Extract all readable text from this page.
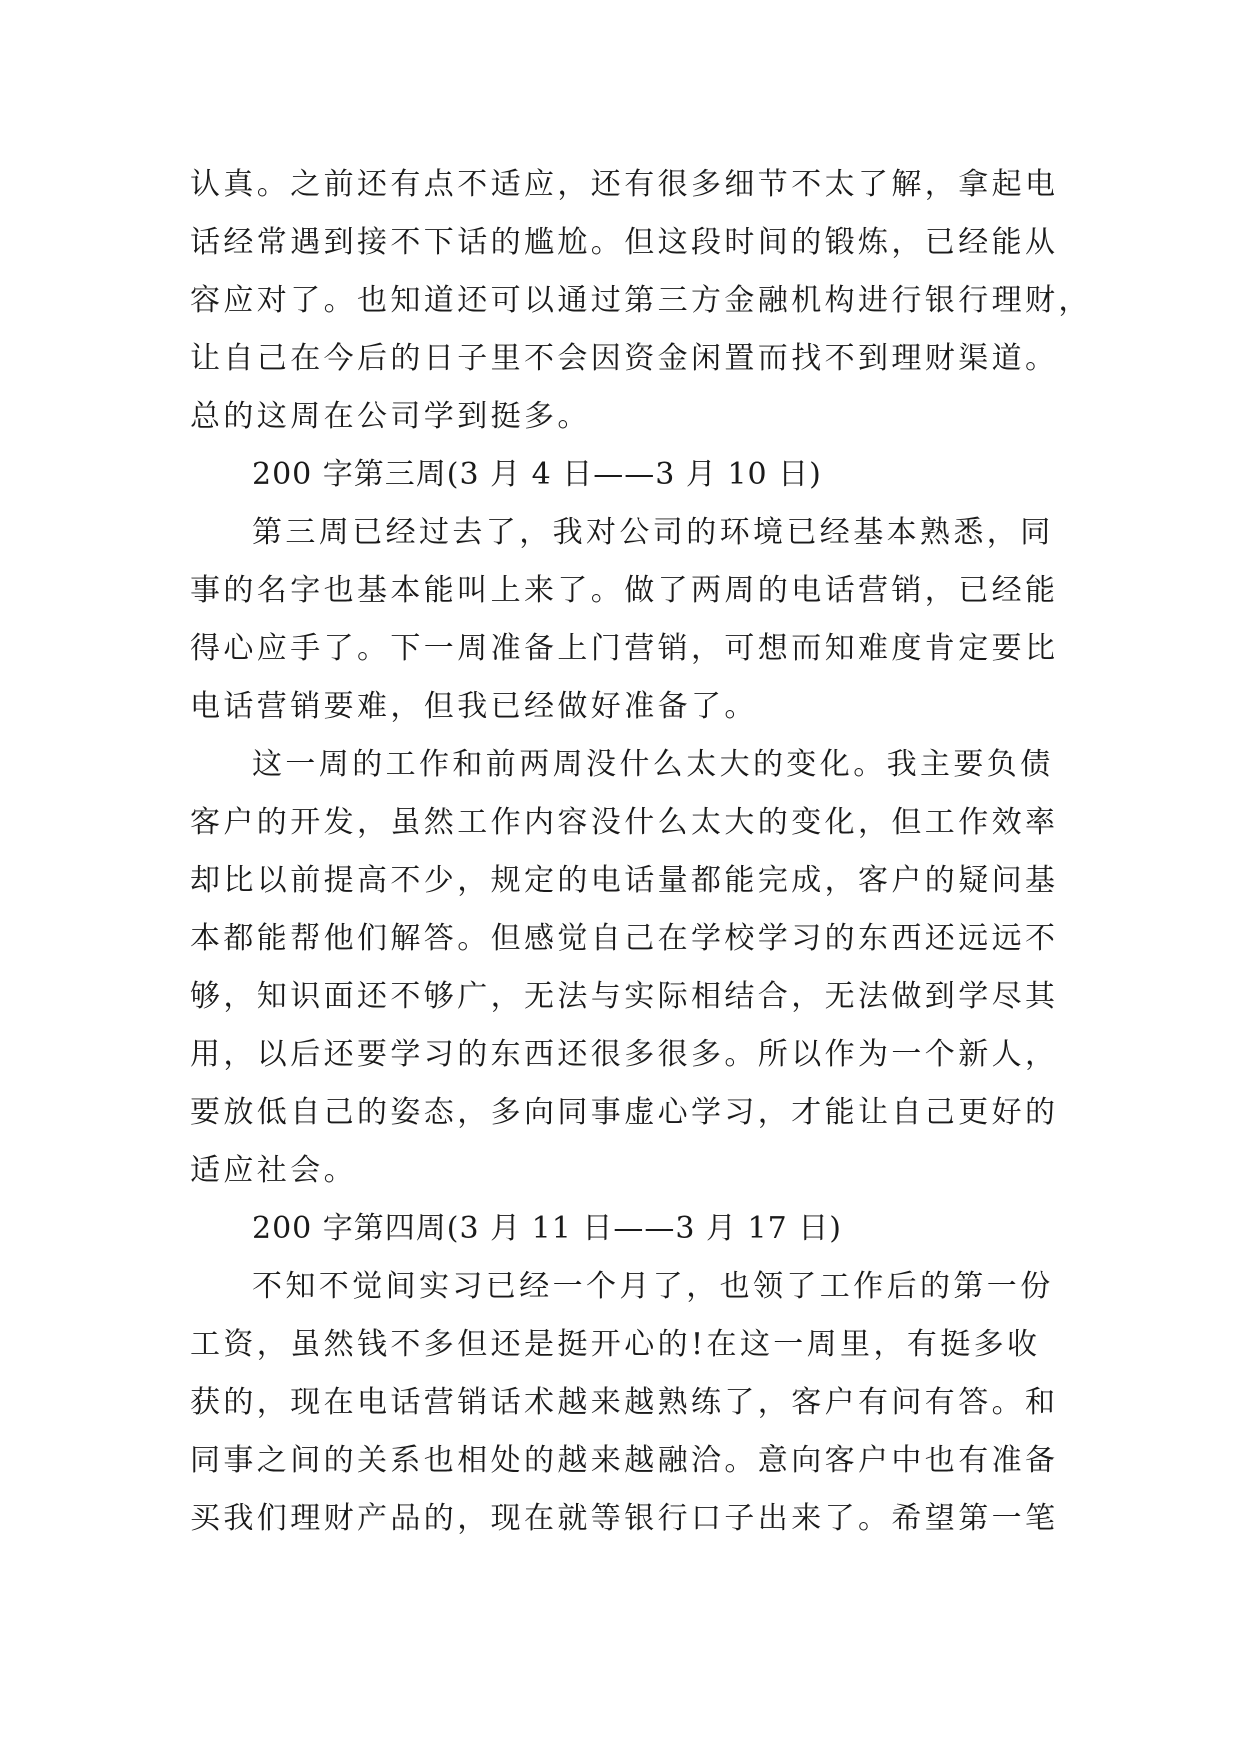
认真。之前还有点不适应，还有很多细节不太了解，拿起电
话经常遇到接不下话的尴尬。但这段时间的锻炼，已经能从
容应对了。也知道还可以通过第三方金融机构进行银行理财，
让自己在今后的日子里不会因资金闲置而找不到理财渠道。
总的这周在公司学到挺多。
200 字第三周(3 月 4 日——3 月 10 日)
第三周已经过去了，我对公司的环境已经基本熟悉，同
事的名字也基本能叫上来了。做了两周的电话营销，已经能
得心应手了。下一周准备上门营销，可想而知难度肯定要比
电话营销要难，但我已经做好准备了。
这一周的工作和前两周没什么太大的变化。我主要负债
客户的开发，虽然工作内容没什么太大的变化，但工作效率
却比以前提高不少，规定的电话量都能完成，客户的疑问基
本都能帮他们解答。但感觉自己在学校学习的东西还远远不
够，知识面还不够广，无法与实际相结合，无法做到学尽其
用，以后还要学习的东西还很多很多。所以作为一个新人，
要放低自己的姿态，多向同事虚心学习，才能让自己更好的
适应社会。
200 字第四周(3 月 11 日——3 月 17 日)
不知不觉间实习已经一个月了，也领了工作后的第一份
工资，虽然钱不多但还是挺开心的!在这一周里，有挺多收
获的，现在电话营销话术越来越熟练了，客户有问有答。和
同事之间的关系也相处的越来越融洽。意向客户中也有准备
买我们理财产品的，现在就等银行口子出来了。希望第一笔
